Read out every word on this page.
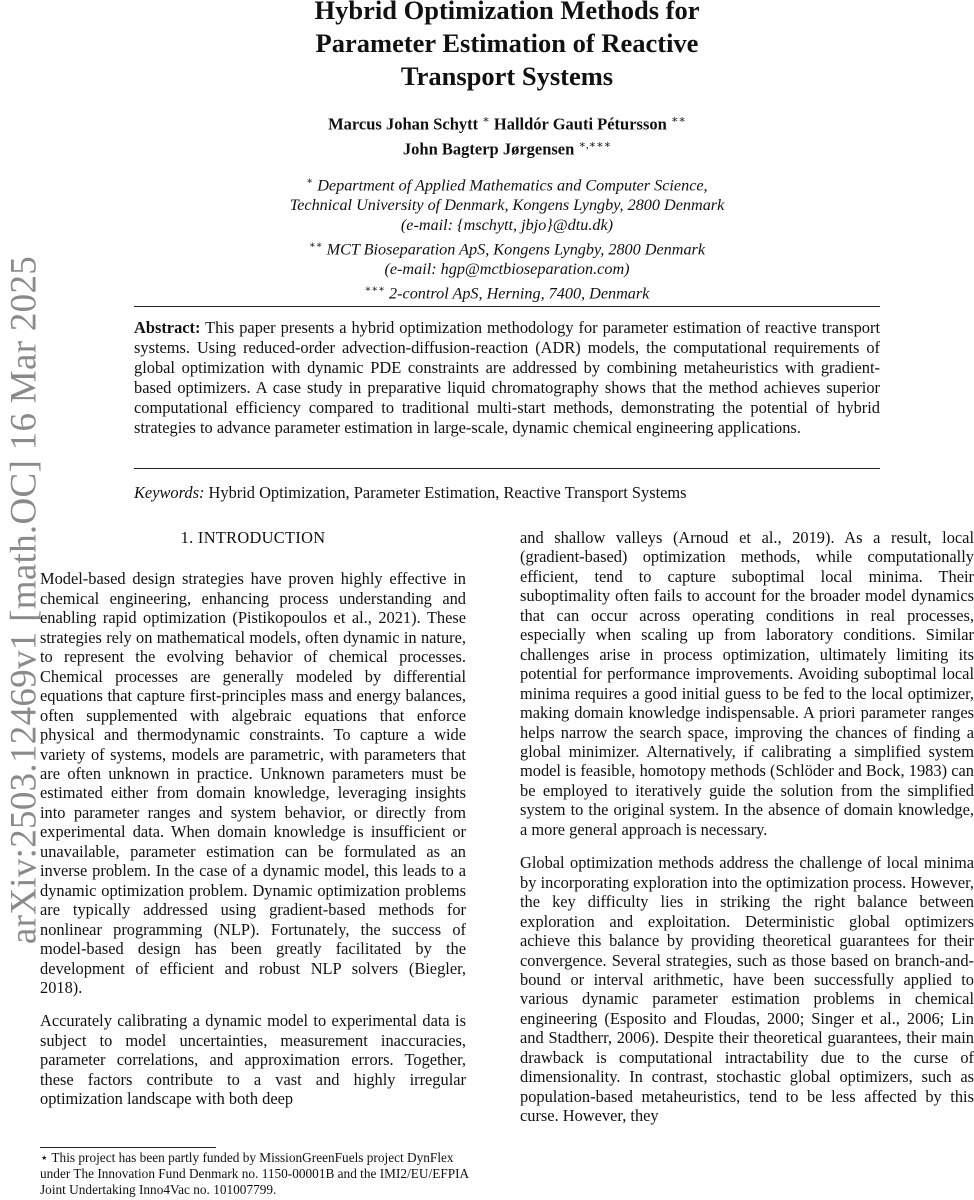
arXiv:2503.12469v1 [math.OC] 16 Mar 2025
Hybrid Optimization Methods for
Parameter Estimation of Reactive
Transport Systems
Marcus Johan Schytt ∗ Halldór Gauti Pétursson ∗∗
John Bagterp Jørgensen ∗,∗∗∗
∗ Department of Applied Mathematics and Computer Science,
Technical University of Denmark, Kongens Lyngby, 2800 Denmark
(e-mail: {mschytt, jbjo}@dtu.dk)
∗∗ MCT Bioseparation ApS, Kongens Lyngby, 2800 Denmark
(e-mail: hgp@mctbioseparation.com)
∗∗∗ 2-control ApS, Herning, 7400, Denmark
Abstract: This paper presents a hybrid optimization methodology for parameter estimation of reactive transport systems. Using reduced-order advection-diffusion-reaction (ADR) models, the computational requirements of global optimization with dynamic PDE constraints are addressed by combining metaheuristics with gradient-based optimizers. A case study in preparative liquid chromatography shows that the method achieves superior computational efficiency compared to traditional multi-start methods, demonstrating the potential of hybrid strategies to advance parameter estimation in large-scale, dynamic chemical engineering applications.
Keywords: Hybrid Optimization, Parameter Estimation, Reactive Transport Systems
1. INTRODUCTION

Model-based design strategies have proven highly effective in chemical engineering, enhancing process understanding and enabling rapid optimization (Pistikopoulos et al., 2021). These strategies rely on mathematical models, often dynamic in nature, to represent the evolving behavior of chemical processes. Chemical processes are generally modeled by differential equations that capture first-principles mass and energy balances, often supplemented with algebraic equations that enforce physical and thermodynamic constraints. To capture a wide variety of systems, models are parametric, with parameters that are often unknown in practice. Unknown parameters must be estimated either from domain knowledge, leveraging insights into parameter ranges and system behavior, or directly from experimental data. When domain knowledge is insufficient or unavailable, parameter estimation can be formulated as an inverse problem. In the case of a dynamic model, this leads to a dynamic optimization problem. Dynamic optimization problems are typically addressed using gradient-based methods for nonlinear programming (NLP). Fortunately, the success of model-based design has been greatly facilitated by the development of efficient and robust NLP solvers (Biegler, 2018).

Accurately calibrating a dynamic model to experimental data is subject to model uncertainties, measurement inaccuracies, parameter correlations, and approximation errors. Together, these factors contribute to a vast and highly irregular optimization landscape with both deep

and shallow valleys (Arnoud et al., 2019). As a result, local (gradient-based) optimization methods, while computationally efficient, tend to capture suboptimal local minima. Their suboptimality often fails to account for the broader model dynamics that can occur across operating conditions in real processes, especially when scaling up from laboratory conditions. Similar challenges arise in process optimization, ultimately limiting its potential for performance improvements. Avoiding suboptimal local minima requires a good initial guess to be fed to the local optimizer, making domain knowledge indispensable. A priori parameter ranges helps narrow the search space, improving the chances of finding a global minimizer. Alternatively, if calibrating a simplified system model is feasible, homotopy methods (Schlöder and Bock, 1983) can be employed to iteratively guide the solution from the simplified system to the original system. In the absence of domain knowledge, a more general approach is necessary.

Global optimization methods address the challenge of local minima by incorporating exploration into the optimization process. However, the key difficulty lies in striking the right balance between exploration and exploitation. Deterministic global optimizers achieve this balance by providing theoretical guarantees for their convergence. Several strategies, such as those based on branch-and-bound or interval arithmetic, have been successfully applied to various dynamic parameter estimation problems in chemical engineering (Esposito and Floudas, 2000; Singer et al., 2006; Lin and Stadtherr, 2006). Despite their theoretical guarantees, their main drawback is computational intractability due to the curse of dimensionality. In contrast, stochastic global optimizers, such as population-based metaheuristics, tend to be less affected by this curse. However, they

⋆ This project has been partly funded by MissionGreenFuels project DynFlex under The Innovation Fund Denmark no. 1150-00001B and the IMI2/EU/EFPIA Joint Undertaking Inno4Vac no. 101007799.
